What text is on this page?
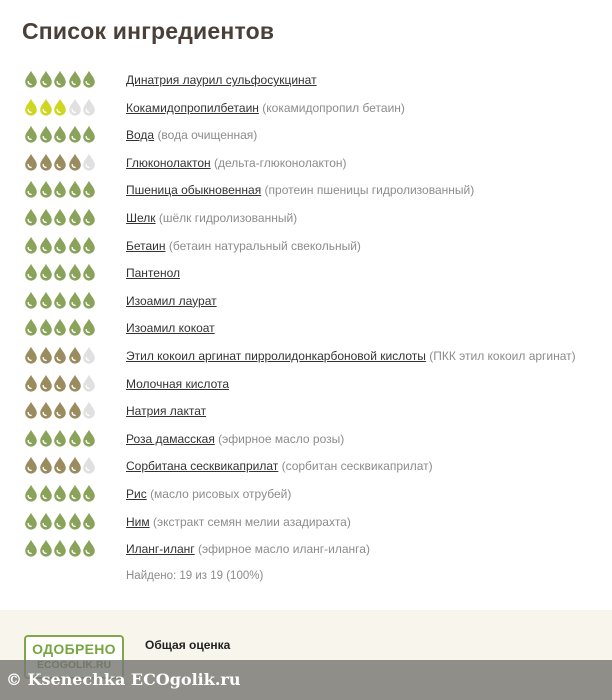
Список ингредиентов
Динатрия лаурил сульфосукцинат
Кокамидопропилбетаин (кокамидопропил бетаин)
Вода (вода очищенная)
Глюконолактон (дельта-глюконолактон)
Пшеница обыкновенная (протеин пшеницы гидролизованный)
Шелк (шёлк гидролизованный)
Бетаин (бетаин натуральный свекольный)
Пантенол
Изоамил лаурат
Изоамил кокоат
Этил кокоил аргинат пирролидонкарбоновой кислоты (ПКК этил кокоил аргинат)
Молочная кислота
Натрия лактат
Роза дамасская (эфирное масло розы)
Сорбитана сесквикаприлат (сорбитан сесквикаприлат)
Рис (масло рисовых отрубей)
Ним (экстракт семян мелии азадирахта)
Иланг-иланг (эфирное масло иланг-иланга)
Найдено: 19 из 19 (100%)
ОДОБРЕНО	Общая оценка
© Ksenechka ECOgolik.ru
